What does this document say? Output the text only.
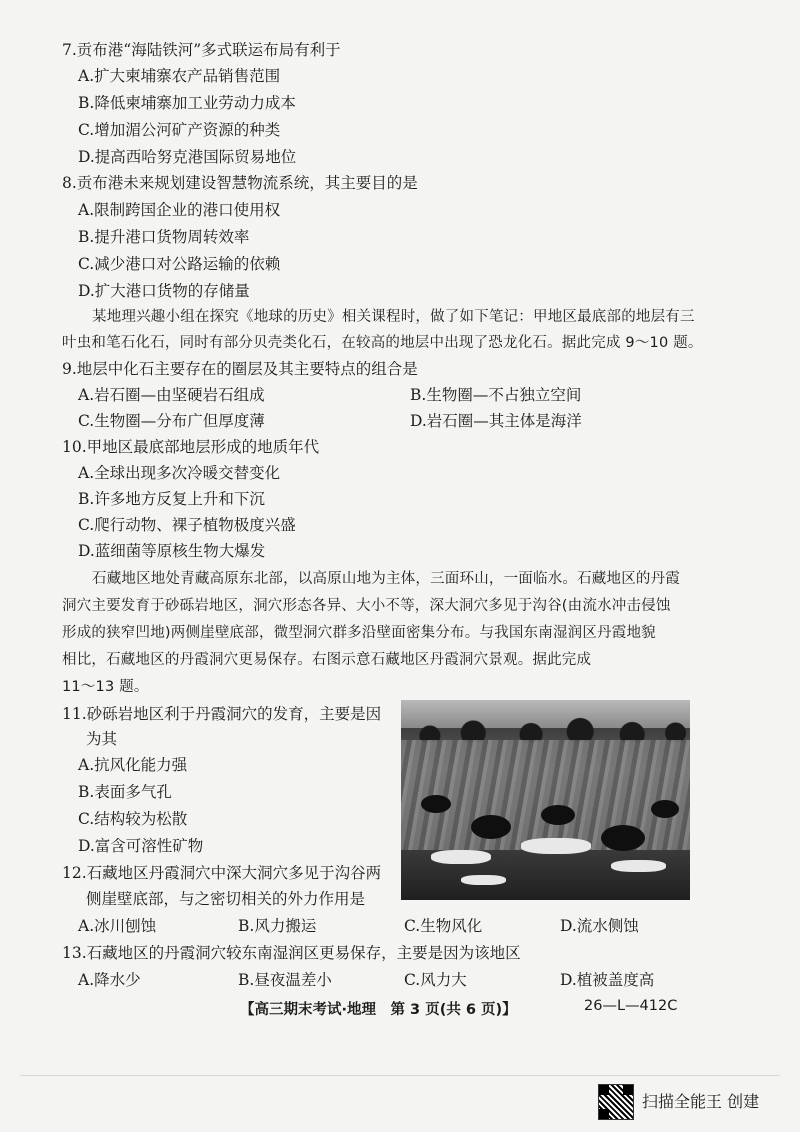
7.贡布港“海陆铁河”多式联运布局有利于
A.扩大柬埔寨农产品销售范围
B.降低柬埔寨加工业劳动力成本
C.增加湄公河矿产资源的种类
D.提高西哈努克港国际贸易地位
8.贡布港未来规划建设智慧物流系统，其主要目的是
A.限制跨国企业的港口使用权
B.提升港口货物周转效率
C.减少港口对公路运输的依赖
D.扩大港口货物的存储量
某地理兴趣小组在探究《地球的历史》相关课程时，做了如下笔记：甲地区最底部的地层有三
叶虫和笔石化石，同时有部分贝壳类化石，在较高的地层中出现了恐龙化石。据此完成 9～10 题。
9.地层中化石主要存在的圈层及其主要特点的组合是
A.岩石圈—由坚硬岩石组成	B.生物圈—不占独立空间
C.生物圈—分布广但厚度薄	D.岩石圈—其主体是海洋
10.甲地区最底部地层形成的地质年代
A.全球出现多次冷暖交替变化
B.许多地方反复上升和下沉
C.爬行动物、裸子植物极度兴盛
D.蓝细菌等原核生物大爆发
石藏地区地处青藏高原东北部，以高原山地为主体，三面环山，一面临水。石藏地区的丹霞
洞穴主要发育于砂砾岩地区，洞穴形态各异、大小不等，深大洞穴多见于沟谷(由流水冲击侵蚀
形成的狭窄凹地)两侧崖壁底部，微型洞穴群多沿壁面密集分布。与我国东南湿润区丹霞地貌
相比，石藏地区的丹霞洞穴更易保存。右图示意石藏地区丹霞洞穴景观。据此完成
11～13 题。
11.砂砾岩地区利于丹霞洞穴的发育，主要是因
为其
A.抗风化能力强
B.表面多气孔
C.结构较为松散
D.富含可溶性矿物
12.石藏地区丹霞洞穴中深大洞穴多见于沟谷两
侧崖壁底部，与之密切相关的外力作用是
A.冰川刨蚀	B.风力搬运	C.生物风化	D.流水侧蚀
13.石藏地区的丹霞洞穴较东南湿润区更易保存，主要是因为该地区
A.降水少	B.昼夜温差小	C.风力大	D.植被盖度高
【高三期末考试·地理　第 3 页(共 6 页)】	26—L—412C
扫描全能王 创建
